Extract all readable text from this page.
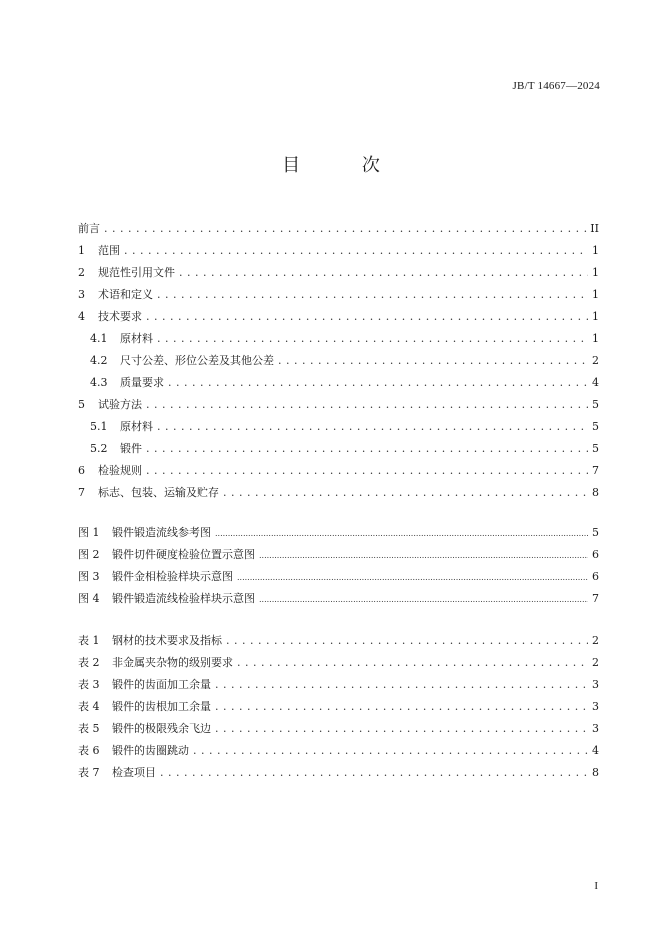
JB/T 14667—2024
目 次
前言 . . .	II
1 范围 . . .	1
2 规范性引用文件 . . .	1
3 术语和定义 . . .	1
4 技术要求 . . .	1
4.1 原材料 . . .	1
4.2 尺寸公差、形位公差及其他公差 . . .	2
4.3 质量要求 . . .	4
5 试验方法 . . .	5
5.1 原材料 . . .	5
5.2 锻件 . . .	5
6 检验规则 . . .	7
7 标志、包装、运输及贮存 . . .	8
图 1 锻件锻造流线参考图 .....	5
图 2 锻件切件硬度检验位置示意图 .....	6
图 3 锻件金相检验样块示意图 .....	6
图 4 锻件锻造流线检验样块示意图 .....	7
表 1 钢材的技术要求及指标 . . .	2
表 2 非金属夹杂物的级别要求 . . .	2
表 3 锻件的齿面加工余量 . . .	3
表 4 锻件的齿根加工余量 . . .	3
表 5 锻件的极限残余飞边 . . .	3
表 6 锻件的齿圈跳动 . . .	4
表 7 检查项目 . . .	8
I
